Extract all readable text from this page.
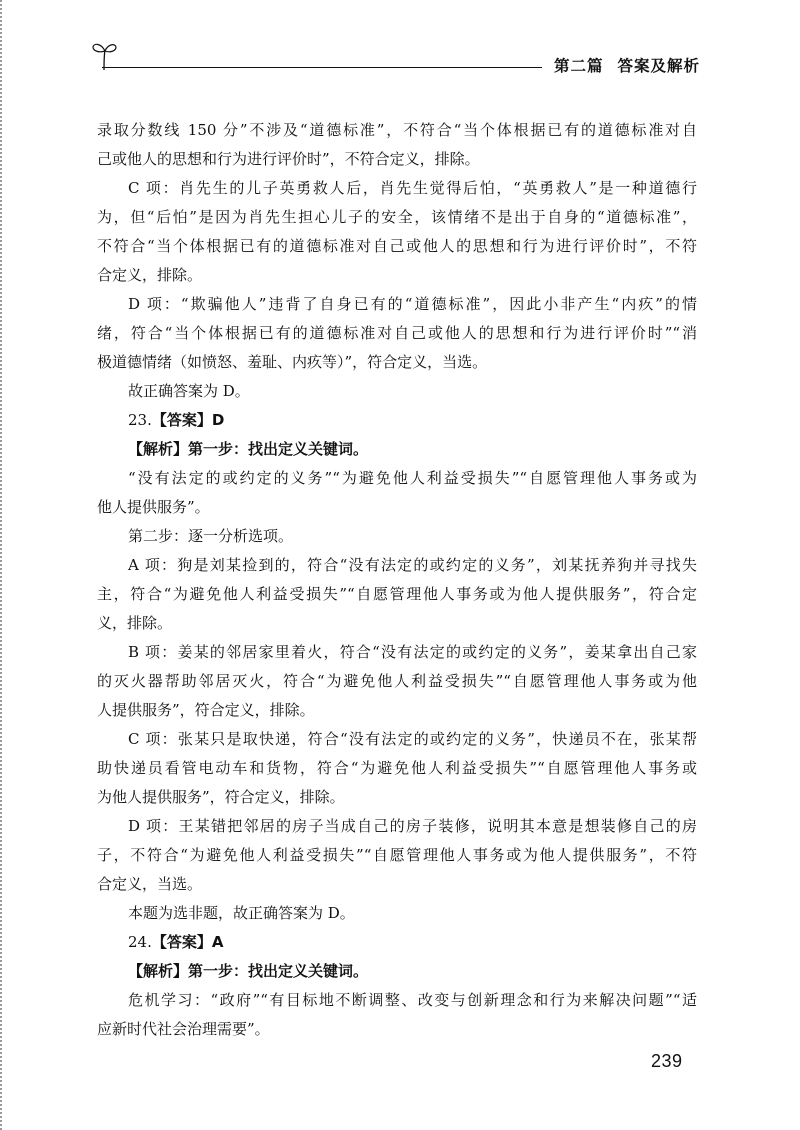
第二篇 答案及解析
录取分数线 150 分”不涉及“道德标准”，不符合“当个体根据已有的道德标准对自
己或他人的思想和行为进行评价时”，不符合定义，排除。
C 项：肖先生的儿子英勇救人后，肖先生觉得后怕，“英勇救人”是一种道德行
为，但“后怕”是因为肖先生担心儿子的安全，该情绪不是出于自身的“道德标准”，
不符合“当个体根据已有的道德标准对自己或他人的思想和行为进行评价时”，不符
合定义，排除。
D 项：“欺骗他人”违背了自身已有的“道德标准”，因此小非产生“内疚”的情
绪，符合“当个体根据已有的道德标准对自己或他人的思想和行为进行评价时”“消
极道德情绪（如愤怒、羞耻、内疚等）”，符合定义，当选。
故正确答案为 D。
23.【答案】D
【解析】第一步：找出定义关键词。
“没有法定的或约定的义务”“为避免他人利益受损失”“自愿管理他人事务或为
他人提供服务”。
第二步：逐一分析选项。
A 项：狗是刘某捡到的，符合“没有法定的或约定的义务”，刘某抚养狗并寻找失
主，符合“为避免他人利益受损失”“自愿管理他人事务或为他人提供服务”，符合定
义，排除。
B 项：姜某的邻居家里着火，符合“没有法定的或约定的义务”，姜某拿出自己家
的灭火器帮助邻居灭火，符合“为避免他人利益受损失”“自愿管理他人事务或为他
人提供服务”，符合定义，排除。
C 项：张某只是取快递，符合“没有法定的或约定的义务”，快递员不在，张某帮
助快递员看管电动车和货物，符合“为避免他人利益受损失”“自愿管理他人事务或
为他人提供服务”，符合定义，排除。
D 项：王某错把邻居的房子当成自己的房子装修，说明其本意是想装修自己的房
子，不符合“为避免他人利益受损失”“自愿管理他人事务或为他人提供服务”，不符
合定义，当选。
本题为选非题，故正确答案为 D。
24.【答案】A
【解析】第一步：找出定义关键词。
危机学习：“政府”“有目标地不断调整、改变与创新理念和行为来解决问题”“适
应新时代社会治理需要”。
239
